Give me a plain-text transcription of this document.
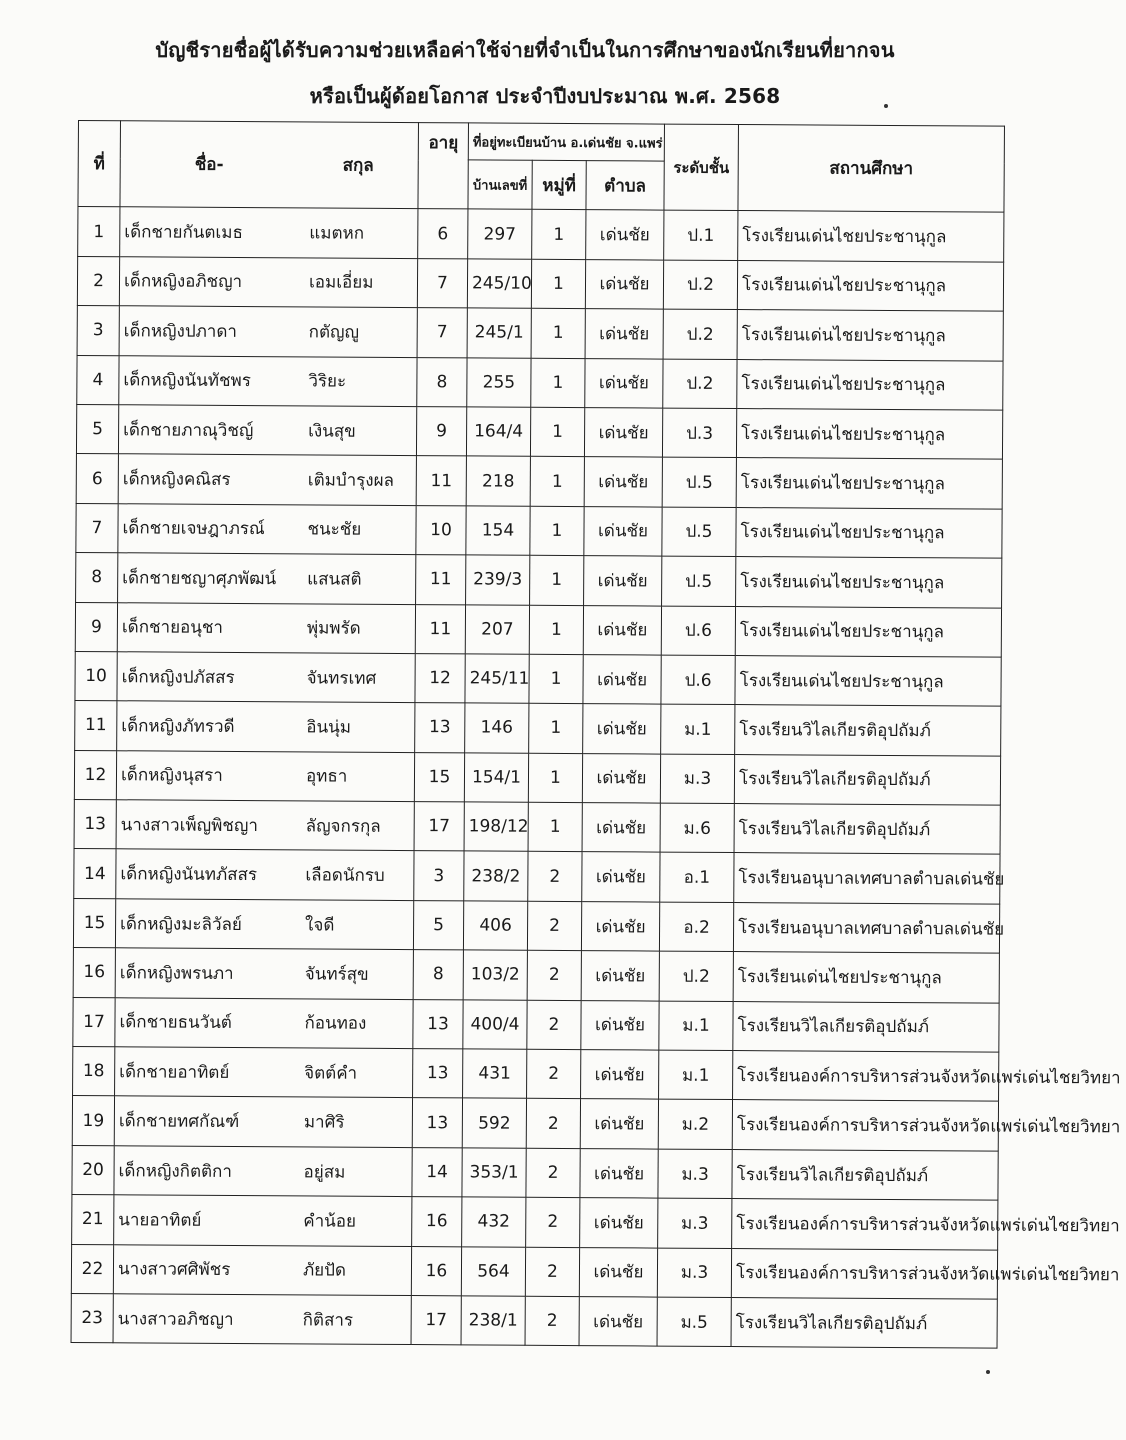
บัญชีรายชื่อผู้ได้รับความช่วยเหลือค่าใช้จ่ายที่จำเป็นในการศึกษาของนักเรียนที่ยากจน
หรือเป็นผู้ด้อยโอกาส ประจำปีงบประมาณ พ.ศ. 2568
ที่	ชื่อ- สกุล	อายุ	ที่อยู่ทะเบียนบ้าน อ.เด่นชัย จ.แพร่			ระดับชั้น	สถานศึกษา
			บ้านเลขที่	หมู่ที่	ตำบล		
1	เด็กชายกันตเมธ แมตหก	6	297	1	เด่นชัย	ป.1	โรงเรียนเด่นไชยประชานุกูล
2	เด็กหญิงอภิชญา เอมเอี่ยม	7	245/10	1	เด่นชัย	ป.2	โรงเรียนเด่นไชยประชานุกูล
3	เด็กหญิงปภาดา กตัญญู	7	245/1	1	เด่นชัย	ป.2	โรงเรียนเด่นไชยประชานุกูล
4	เด็กหญิงนันทัชพร วิริยะ	8	255	1	เด่นชัย	ป.2	โรงเรียนเด่นไชยประชานุกูล
5	เด็กชายภาณุวิชญ์ เงินสุข	9	164/4	1	เด่นชัย	ป.3	โรงเรียนเด่นไชยประชานุกูล
6	เด็กหญิงคณิสร เติมบำรุงผล	11	218	1	เด่นชัย	ป.5	โรงเรียนเด่นไชยประชานุกูล
7	เด็กชายเจษฎาภรณ์ ชนะชัย	10	154	1	เด่นชัย	ป.5	โรงเรียนเด่นไชยประชานุกูล
8	เด็กชายชญาศุภพัฒน์ แสนสติ	11	239/3	1	เด่นชัย	ป.5	โรงเรียนเด่นไชยประชานุกูล
9	เด็กชายอนุชา พุ่มพรัด	11	207	1	เด่นชัย	ป.6	โรงเรียนเด่นไชยประชานุกูล
10	เด็กหญิงปภัสสร จันทรเทศ	12	245/11	1	เด่นชัย	ป.6	โรงเรียนเด่นไชยประชานุกูล
11	เด็กหญิงภัทรวดี อินนุ่ม	13	146	1	เด่นชัย	ม.1	โรงเรียนวิไลเกียรติอุปถัมภ์
12	เด็กหญิงนุสรา อุทธา	15	154/1	1	เด่นชัย	ม.3	โรงเรียนวิไลเกียรติอุปถัมภ์
13	นางสาวเพ็ญพิชญา ลัญจกรกุล	17	198/12	1	เด่นชัย	ม.6	โรงเรียนวิไลเกียรติอุปถัมภ์
14	เด็กหญิงนันทภัสสร เลือดนักรบ	3	238/2	2	เด่นชัย	อ.1	โรงเรียนอนุบาลเทศบาลตำบลเด่นชัย
15	เด็กหญิงมะลิวัลย์ ใจดี	5	406	2	เด่นชัย	อ.2	โรงเรียนอนุบาลเทศบาลตำบลเด่นชัย
16	เด็กหญิงพรนภา จันทร์สุข	8	103/2	2	เด่นชัย	ป.2	โรงเรียนเด่นไชยประชานุกูล
17	เด็กชายธนวันต์ ก้อนทอง	13	400/4	2	เด่นชัย	ม.1	โรงเรียนวิไลเกียรติอุปถัมภ์
18	เด็กชายอาทิตย์ จิตต์คำ	13	431	2	เด่นชัย	ม.1	โรงเรียนองค์การบริหารส่วนจังหวัดแพร่เด่นไชยวิทยา
19	เด็กชายทศกัณฑ์ มาศิริ	13	592	2	เด่นชัย	ม.2	โรงเรียนองค์การบริหารส่วนจังหวัดแพร่เด่นไชยวิทยา
20	เด็กหญิงกิตติกา อยู่สม	14	353/1	2	เด่นชัย	ม.3	โรงเรียนวิไลเกียรติอุปถัมภ์
21	นายอาทิตย์ คำน้อย	16	432	2	เด่นชัย	ม.3	โรงเรียนองค์การบริหารส่วนจังหวัดแพร่เด่นไชยวิทยา
22	นางสาวศศิพัชร ภัยปัด	16	564	2	เด่นชัย	ม.3	โรงเรียนองค์การบริหารส่วนจังหวัดแพร่เด่นไชยวิทยา
23	นางสาวอภิชญา กิติสาร	17	238/1	2	เด่นชัย	ม.5	โรงเรียนวิไลเกียรติอุปถัมภ์
